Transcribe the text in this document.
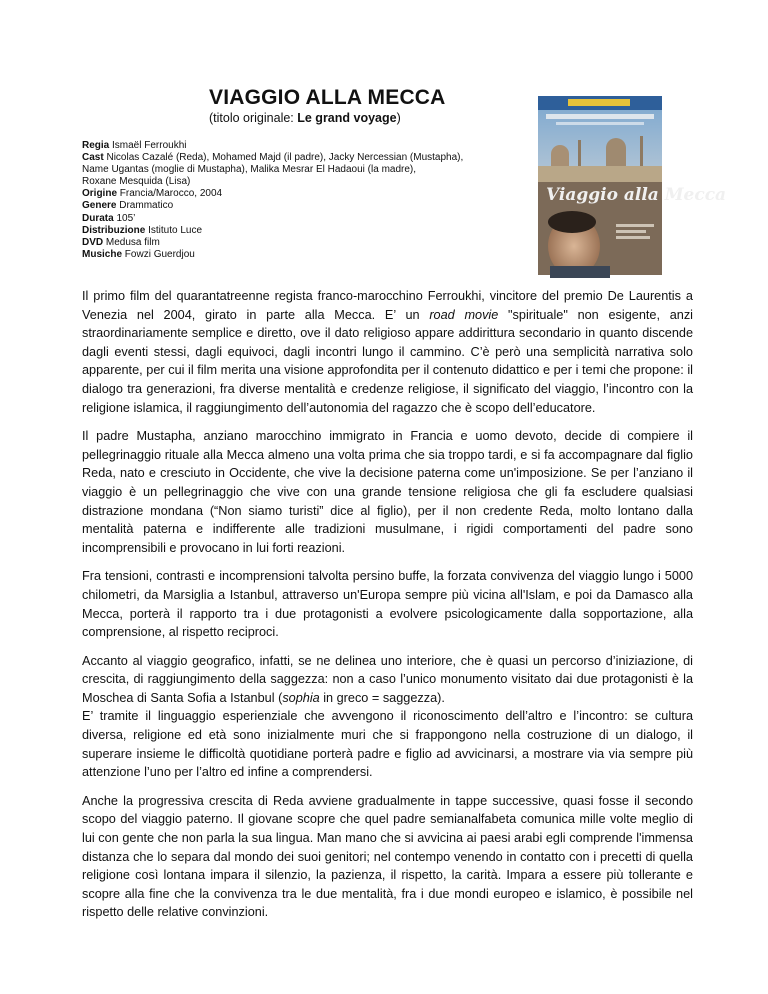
VIAGGIO ALLA MECCA
(titolo originale: Le grand voyage)
Regia Ismaël Ferroukhi
Cast Nicolas Cazalé (Reda), Mohamed Majd (il padre), Jacky Nercessian (Mustapha),
Name Ugantas (moglie di Mustapha), Malika Mesrar El Hadaoui (la madre),
Roxane Mesquida (Lisa)
Origine Francia/Marocco, 2004
Genere Drammatico
Durata 105’
Distribuzione Istituto Luce
DVD Medusa film
Musiche Fowzi Guerdjou
Viaggio alla Mecca

Il primo film del quarantatreenne regista franco-marocchino Ferroukhi, vincitore del premio De Laurentis a Venezia nel 2004, girato in parte alla Mecca. E’ un road movie "spirituale" non esigente, anzi straordinariamente semplice e diretto, ove il dato religioso appare addirittura secondario in quanto discende dagli eventi stessi, dagli equivoci, dagli incontri lungo il cammino. C’è però una semplicità narrativa solo apparente, per cui il film merita una visione approfondita per il contenuto didattico e per i temi che propone: il dialogo tra generazioni, fra diverse mentalità e credenze religiose, il significato del viaggio, l’incontro con la religione islamica, il raggiungimento dell’autonomia del ragazzo che è scopo dell’educatore.

Il padre Mustapha, anziano marocchino immigrato in Francia e uomo devoto, decide di compiere il pellegrinaggio rituale alla Mecca almeno una volta prima che sia troppo tardi, e si fa accompagnare dal figlio Reda, nato e cresciuto in Occidente, che vive la decisione paterna come un'imposizione. Se per l’anziano il viaggio è un pellegrinaggio che vive con una grande tensione religiosa che gli fa escludere qualsiasi distrazione mondana (“Non siamo turisti” dice al figlio), per il non credente Reda, molto lontano dalla mentalità paterna e indifferente alle tradizioni musulmane, i rigidi comportamenti del padre sono incomprensibili e provocano in lui forti reazioni.

Fra tensioni, contrasti e incomprensioni talvolta persino buffe, la forzata convivenza del viaggio lungo i 5000 chilometri, da Marsiglia a Istanbul, attraverso un'Europa sempre più vicina all'Islam, e poi da Damasco alla Mecca, porterà il rapporto tra i due protagonisti a evolvere psicologicamente dalla sopportazione, alla comprensione, al rispetto reciproci.

Accanto al viaggio geografico, infatti, se ne delinea uno interiore, che è quasi un percorso d’iniziazione, di crescita, di raggiungimento della saggezza: non a caso l’unico monumento visitato dai due protagonisti è la Moschea di Santa Sofia a Istanbul (sophia in greco = saggezza).

E’ tramite il linguaggio esperienziale che avvengono il riconoscimento dell’altro e l’incontro: se cultura diversa, religione ed età sono inizialmente muri che si frappongono nella costruzione di un dialogo, il superare insieme le difficoltà quotidiane porterà padre e figlio ad avvicinarsi, a mostrare via via sempre più attenzione l’uno per l’altro ed infine a comprendersi.

Anche la progressiva crescita di Reda avviene gradualmente in tappe successive, quasi fosse il secondo scopo del viaggio paterno. Il giovane scopre che quel padre semianalfabeta comunica mille volte meglio di lui con gente che non parla la sua lingua. Man mano che si avvicina ai paesi arabi egli comprende l'immensa distanza che lo separa dal mondo dei suoi genitori; nel contempo venendo in contatto con i precetti di quella religione così lontana impara il silenzio, la pazienza, il rispetto, la carità. Impara a essere più tollerante e scopre alla fine che la convivenza tra le due mentalità, fra i due mondi europeo e islamico, è possibile nel rispetto delle relative convinzioni.
